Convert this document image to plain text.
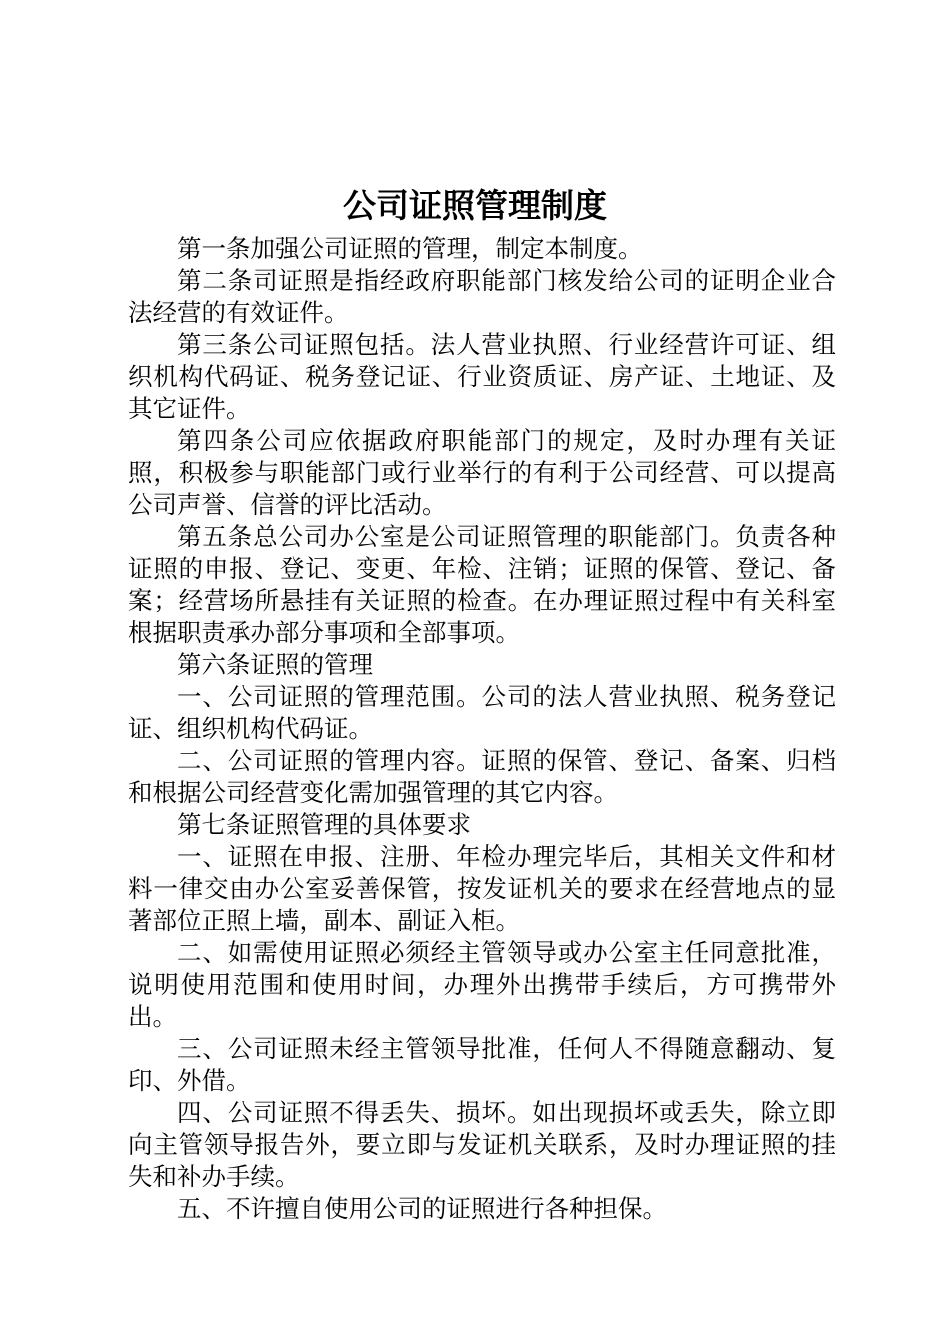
公司证照管理制度

第一条加强公司证照的管理，制定本制度。

第二条司证照是指经政府职能部门核发给公司的证明企业合法经营的有效证件。

第三条公司证照包括。法人营业执照、行业经营许可证、组织机构代码证、税务登记证、行业资质证、房产证、土地证、及其它证件。

第四条公司应依据政府职能部门的规定，及时办理有关证照，积极参与职能部门或行业举行的有利于公司经营、可以提高公司声誉、信誉的评比活动。

第五条总公司办公室是公司证照管理的职能部门。负责各种证照的申报、登记、变更、年检、注销；证照的保管、登记、备案；经营场所悬挂有关证照的检查。在办理证照过程中有关科室根据职责承办部分事项和全部事项。

第六条证照的管理

一、公司证照的管理范围。公司的法人营业执照、税务登记证、组织机构代码证。

二、公司证照的管理内容。证照的保管、登记、备案、归档和根据公司经营变化需加强管理的其它内容。

第七条证照管理的具体要求

一、证照在申报、注册、年检办理完毕后，其相关文件和材料一律交由办公室妥善保管，按发证机关的要求在经营地点的显著部位正照上墙，副本、副证入柜。

二、如需使用证照必须经主管领导或办公室主任同意批准，说明使用范围和使用时间，办理外出携带手续后，方可携带外出。

三、公司证照未经主管领导批准，任何人不得随意翻动、复印、外借。

四、公司证照不得丢失、损坏。如出现损坏或丢失，除立即向主管领导报告外，要立即与发证机关联系，及时办理证照的挂失和补办手续。

五、不许擅自使用公司的证照进行各种担保。
